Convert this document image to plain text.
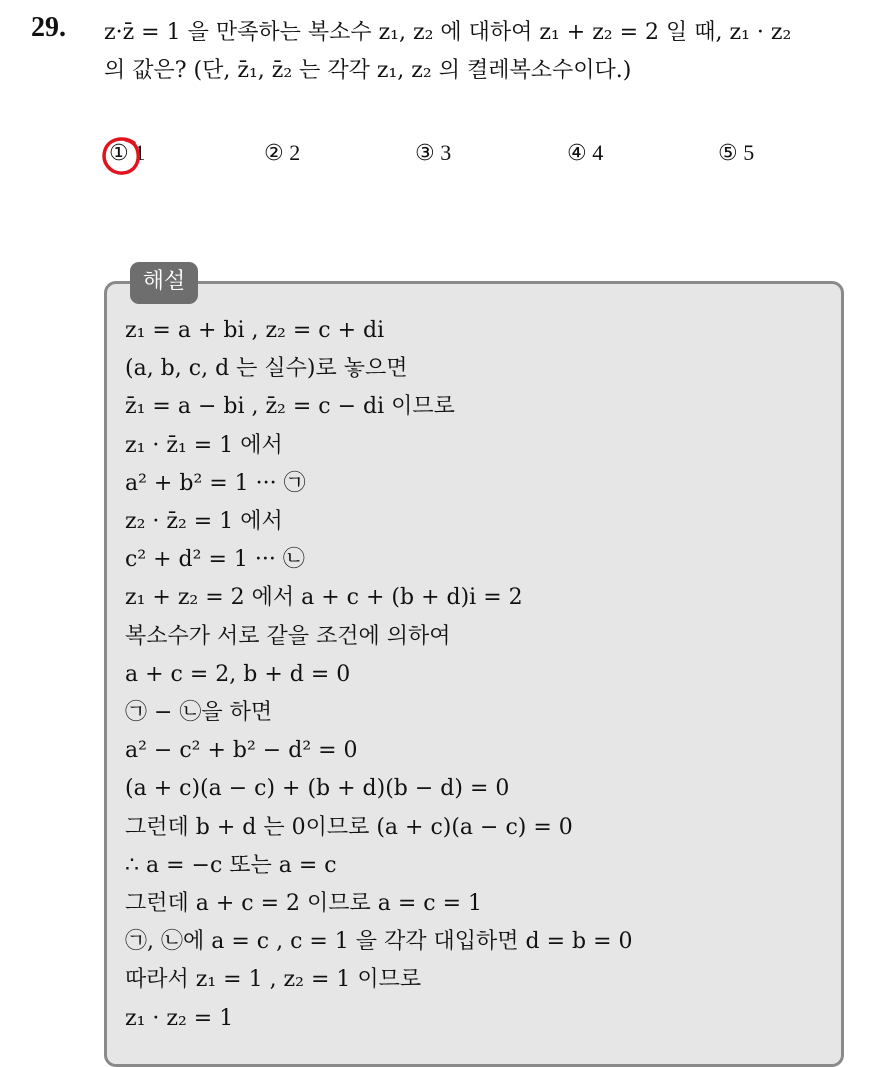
29. z·z̄ = 1 을 만족하는 복소수 z₁, z₂ 에 대하여 z₁ + z₂ = 2 일 때, z₁ · z₂
의 값은? (단, z̄₁, z̄₂ 는 각각 z₁, z₂ 의 켤레복소수이다.)
① 1	② 2	③ 3	④ 4	⑤ 5
해설
z₁ = a + bi , z₂ = c + di
(a, b, c, d 는 실수)로 놓으면
z̄₁ = a − bi , z̄₂ = c − di 이므로
z₁ · z̄₁ = 1 에서
a² + b² = 1 ··· ㉠
z₂ · z̄₂ = 1 에서
c² + d² = 1 ··· ㉡
z₁ + z₂ = 2 에서 a + c + (b + d)i = 2
복소수가 서로 같을 조건에 의하여
a + c = 2, b + d = 0
㉠ − ㉡을 하면
a² − c² + b² − d² = 0
(a + c)(a − c) + (b + d)(b − d) = 0
그런데 b + d 는 0이므로 (a + c)(a − c) = 0
∴ a = −c 또는 a = c
그런데 a + c = 2 이므로 a = c = 1
㉠, ㉡에 a = c , c = 1 을 각각 대입하면 d = b = 0
따라서 z₁ = 1 , z₂ = 1 이므로
z₁ · z₂ = 1
